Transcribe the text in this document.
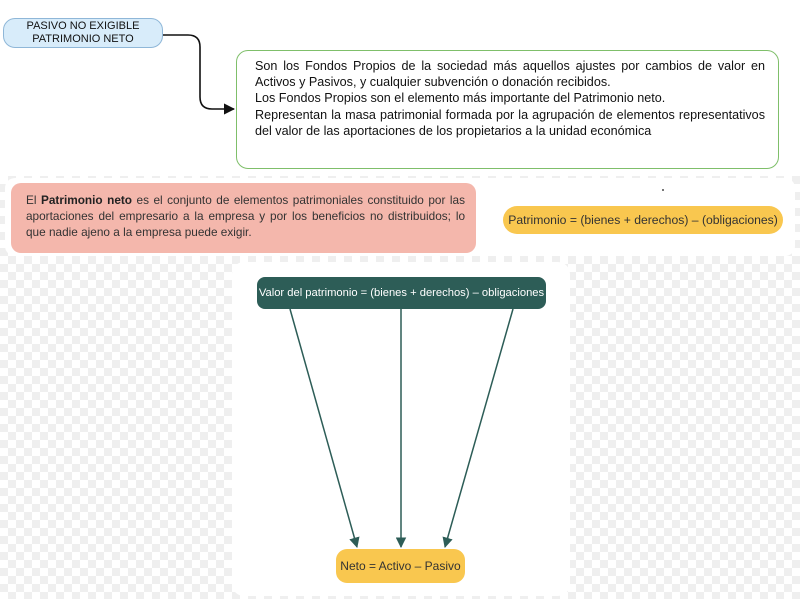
PASIVO NO EXIGIBLE
PATRIMONIO NETO

Son los Fondos Propios de la sociedad más aquellos ajustes por cambios de valor en Activos y Pasivos, y cualquier subvención o donación recibidos.

Los Fondos Propios son el elemento más importante del Patrimonio neto.

Representan la masa patrimonial formada por la agrupación de elementos representativos del valor de las aportaciones de los propietarios a la unidad económica

El Patrimonio neto es el conjunto de elementos patrimoniales constituido por las aportaciones del empresario a la empresa y por los beneficios no distribuidos; lo que nadie ajeno a la empresa puede exigir.
Patrimonio = (bienes + derechos) – (obligaciones)
Valor del patrimonio = (bienes + derechos) – obligaciones
Neto = Activo – Pasivo
